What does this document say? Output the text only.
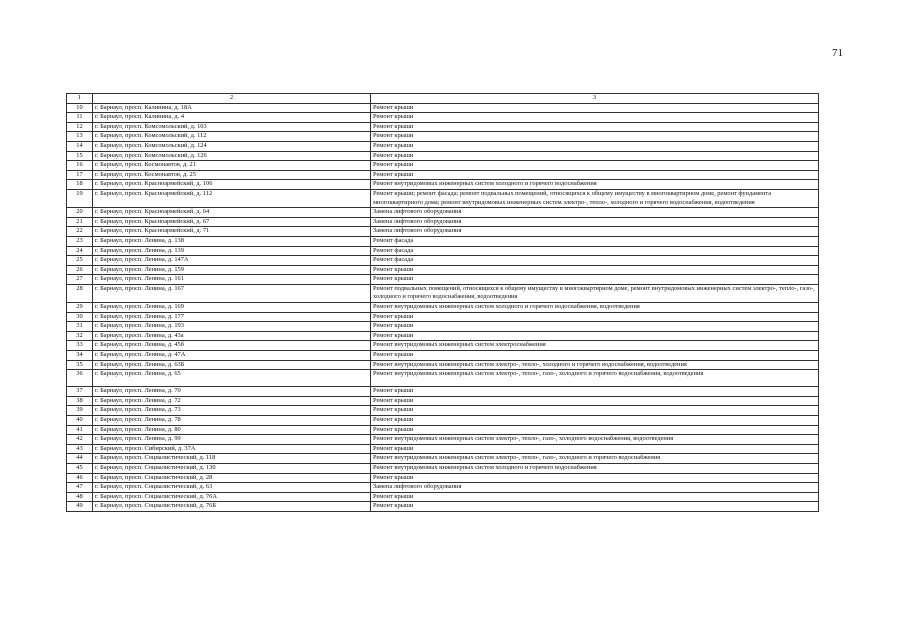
71
1	2	3
10	г. Барнаул, просп. Калинина, д. 18А	Ремонт крыши
11	г. Барнаул, просп. Калинина, д. 4	Ремонт крыши
12	г. Барнаул, просп. Комсомольский, д. 103	Ремонт крыши
13	г. Барнаул, просп. Комсомольский, д. 112	Ремонт крыши
14	г. Барнаул, просп. Комсомольский, д. 124	Ремонт крыши
15	г. Барнаул, просп. Комсомольский, д. 126	Ремонт крыши
16	г. Барнаул, просп. Космонавтов, д. 21	Ремонт крыши
17	г. Барнаул, просп. Космонавтов, д. 25	Ремонт крыши
18	г. Барнаул, просп. Красноармейский, д. 106	Ремонт внутридомовых инженерных систем холодного и горячего водоснабжения
19	г. Барнаул, просп. Красноармейский, д. 112	Ремонт крыши; ремонт фасада; ремонт подвальных помещений, относящихся к общему имуществу в многоквартирном доме, ремонт фундамента многоквартирного дома; ремонт внутридомовых инженерных систем электро-, тепло-, холодного и горячего водоснабжения, водоотведения
20	г. Барнаул, просп. Красноармейский, д. 64	Замена лифтового оборудования
21	г. Барнаул, просп. Красноармейский, д. 67	Замена лифтового оборудования
22	г. Барнаул, просп. Красноармейский, д. 71	Замена лифтового оборудования
23	г. Барнаул, просп. Ленина, д. 138	Ремонт фасада
24	г. Барнаул, просп. Ленина, д. 139	Ремонт фасада
25	г. Барнаул, просп. Ленина, д. 147А	Ремонт фасада
26	г. Барнаул, просп. Ленина, д. 159	Ремонт крыши
27	г. Барнаул, просп. Ленина, д. 161	Ремонт крыши
28	г. Барнаул, просп. Ленина, д. 167	Ремонт подвальных помещений, относящихся к общему имуществу в многоквартирном доме, ремонт внутридомовых инженерных систем электро-, тепло-, газо-, холодного и горячего водоснабжения, водоотведения
29	г. Барнаул, просп. Ленина, д. 169	Ремонт внутридомовых инженерных систем холодного и горячего водоснабжения, водоотведения
30	г. Барнаул, просп. Ленина, д. 177	Ремонт крыши
31	г. Барнаул, просп. Ленина, д. 193	Ремонт крыши
32	г. Барнаул, просп. Ленина, д. 43а	Ремонт крыши
33	г. Барнаул, просп. Ленина, д. 45б	Ремонт внутридомовых инженерных систем электроснабжения
34	г. Барнаул, просп. Ленина, д. 47А	Ремонт крыши
35	г. Барнаул, просп. Ленина, д. 63Б	Ремонт внутридомовых инженерных систем электро-, тепло-, холодного и горячего водоснабжения, водоотведения
36	г. Барнаул, просп. Ленина, д. 65	Ремонт внутридомовых инженерных систем электро-, тепло-, газо-, холодного и горячего водоснабжения, водоотведения
37	г. Барнаул, просп. Ленина, д. 70	Ремонт крыши
38	г. Барнаул, просп. Ленина, д. 72	Ремонт крыши
39	г. Барнаул, просп. Ленина, д. 73	Ремонт крыши
40	г. Барнаул, просп. Ленина, д. 78	Ремонт крыши
41	г. Барнаул, просп. Ленина, д. 80	Ремонт крыши
42	г. Барнаул, просп. Ленина, д. 99	Ремонт внутридомовых инженерных систем электро-, тепло-, газо-, холодного водоснабжения, водоотведения
43	г. Барнаул, просп. Сибирский, д. 37А	Ремонт крыши
44	г. Барнаул, просп. Социалистический, д. 118	Ремонт внутридомовых инженерных систем электро-, тепло-, газо-, холодного и горячего водоснабжения
45	г. Барнаул, просп. Социалистический, д. 130	Ремонт внутридомовых инженерных систем холодного и горячего водоснабжения
46	г. Барнаул, просп. Социалистический, д. 28	Ремонт крыши
47	г. Барнаул, просп. Социалистический, д. 63	Замена лифтового оборудования
48	г. Барнаул, просп. Социалистический, д. 76А	Ремонт крыши
49	г. Барнаул, просп. Социалистический, д. 76Б	Ремонт крыши
